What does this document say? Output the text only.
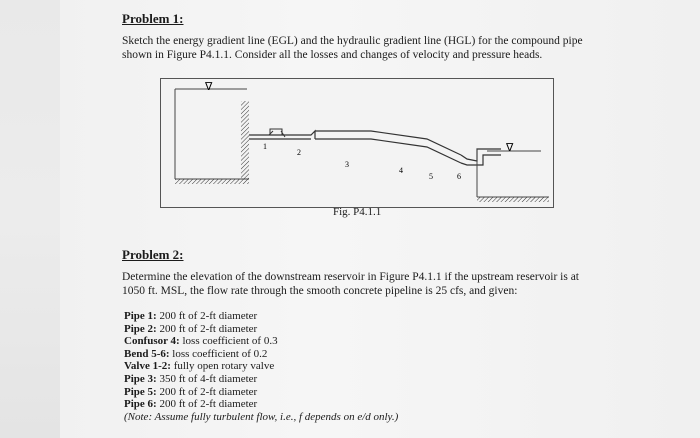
Problem 1:
Sketch the energy gradient line (EGL) and the hydraulic gradient line (HGL) for the compound pipe
shown in Figure P4.1.1. Consider all the losses and changes of velocity and pressure heads.
∇
∇
1
2
3
4
5	6
Fig. P4.1.1
Problem 2:
Determine the elevation of the downstream reservoir in Figure P4.1.1 if the upstream reservoir is at
1050 ft. MSL, the flow rate through the smooth concrete pipeline is 25 cfs, and given:
Pipe 1: 200 ft of 2-ft diameter
Pipe 2: 200 ft of 2-ft diameter
Confusor 4: loss coefficient of 0.3
Bend 5-6: loss coefficient of 0.2
Valve 1-2: fully open rotary valve
Pipe 3: 350 ft of 4-ft diameter
Pipe 5: 200 ft of 2-ft diameter
Pipe 6: 200 ft of 2-ft diameter
(Note: Assume fully turbulent flow, i.e., f depends on e/d only.)
